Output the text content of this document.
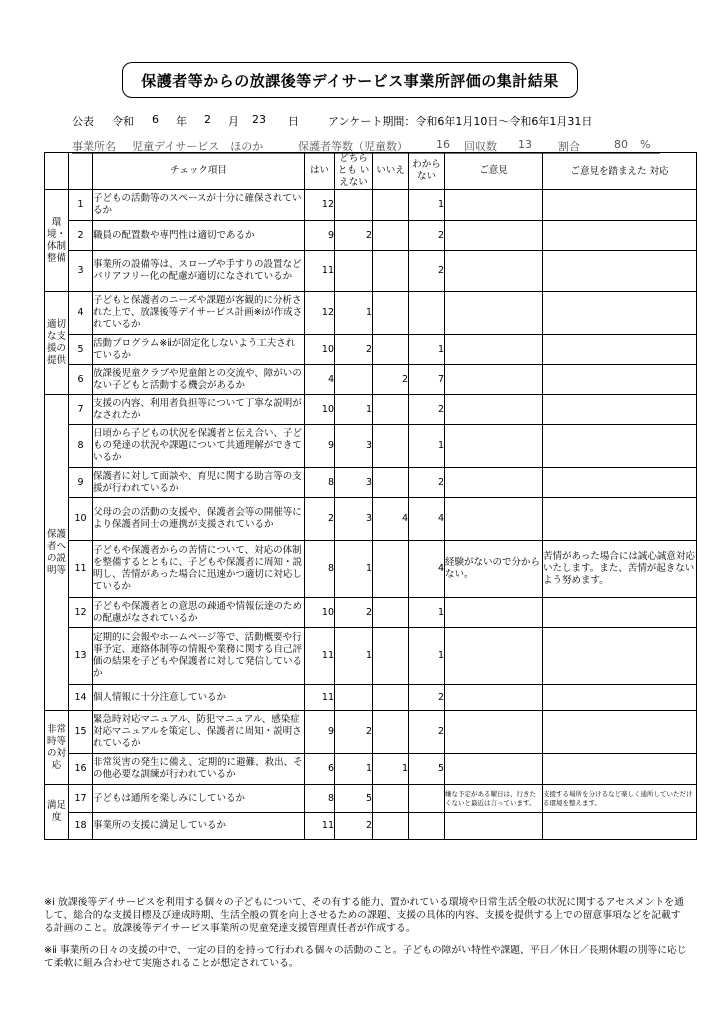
保護者等からの放課後等デイサービス事業所評価の集計結果
公表 令和 6 年 2 月 23 日	アンケート期間：令和6年1月10日～令和6年1月31日
事業所名 児童デイサービス　ほのか	保護者等数（児童数）	16 回収数 13 割合	80 %
		チェック項目	はい	どちらとも いえない	いいえ	わからない	ご意見	ご意見を踏まえた 対応
環境・体制整備	1	子どもの活動等のスペースが十分に確保されているか	12			1		
	2	職員の配置数や専門性は適切であるか	9	2		2		
	3	事業所の設備等は、スロープや手すりの設置などバリアフリー化の配慮が適切になされているか	11			2		
適切な支援の提供	4	子どもと保護者のニーズや課題が客観的に分析された上で、放課後等デイサービス計画※ⅰが作成されているか	12	1				
	5	活動プログラム※ⅱが固定化しないよう工夫されているか	10	2		1		
	6	放課後児童クラブや児童館との交流や、障がいのない子どもと活動する機会があるか	4		2	7		
保護者への説明等	7	支援の内容、利用者負担等について丁寧な説明がなされたか	10	1		2		
	8	日頃から子どもの状況を保護者と伝え合い、子どもの発達の状況や課題について共通理解ができているか	9	3		1		
	9	保護者に対して面談や、育児に関する助言等の支援が行われているか	8	3		2		
	10	父母の会の活動の支援や、保護者会等の開催等により保護者同士の連携が支援されているか	2	3	4	4		
	11	子どもや保護者からの苦情について、対応の体制を整備するとともに、子どもや保護者に周知・説明し、苦情があった場合に迅速かつ適切に対応しているか	8	1		4	経験がないので分からない。	苦情があった場合には誠心誠意対応いたします。また、苦情が起きないよう努めます。
	12	子どもや保護者との意思の疎通や情報伝達のための配慮がなされているか	10	2		1		
	13	定期的に会報やホームページ等で、活動概要や行事予定、連絡体制等の情報や業務に関する自己評価の結果を子どもや保護者に対して発信しているか	11	1		1		
	14	個人情報に十分注意しているか	11			2		
非常時等の対応	15	緊急時対応マニュアル、防犯マニュアル、感染症対応マニュアルを策定し、保護者に周知・説明されているか	9	2		2		
	16	非常災害の発生に備え、定期的に避難、救出、その他必要な訓練が行われているか	6	1	1	5		
満足度	17	子どもは通所を楽しみにしているか	8	5			嫌な予定がある曜日は、行きたくないと最近は言っています。	支援する場所を分けるなど楽しく通所していただける環境を整えます。
	18	事業所の支援に満足しているか	11	2				
※ⅰ 放課後等デイサービスを利用する個々の子どもについて、その有する能力、置かれている環境や日常生活全般の状況に関するアセスメントを通して、総合的な支援目標及び達成時期、生活全般の質を向上させるための課題、支援の具体的内容、支援を提供する上での留意事項などを記載する計画のこと。放課後等デイサービス事業所の児童発達支援管理責任者が作成する。
※ⅱ 事業所の日々の支援の中で、一定の目的を持って行われる個々の活動のこと。子どもの障がい特性や課題、平日／休日／長期休暇の別等に応じて柔軟に組み合わせて実施されることが想定されている。
